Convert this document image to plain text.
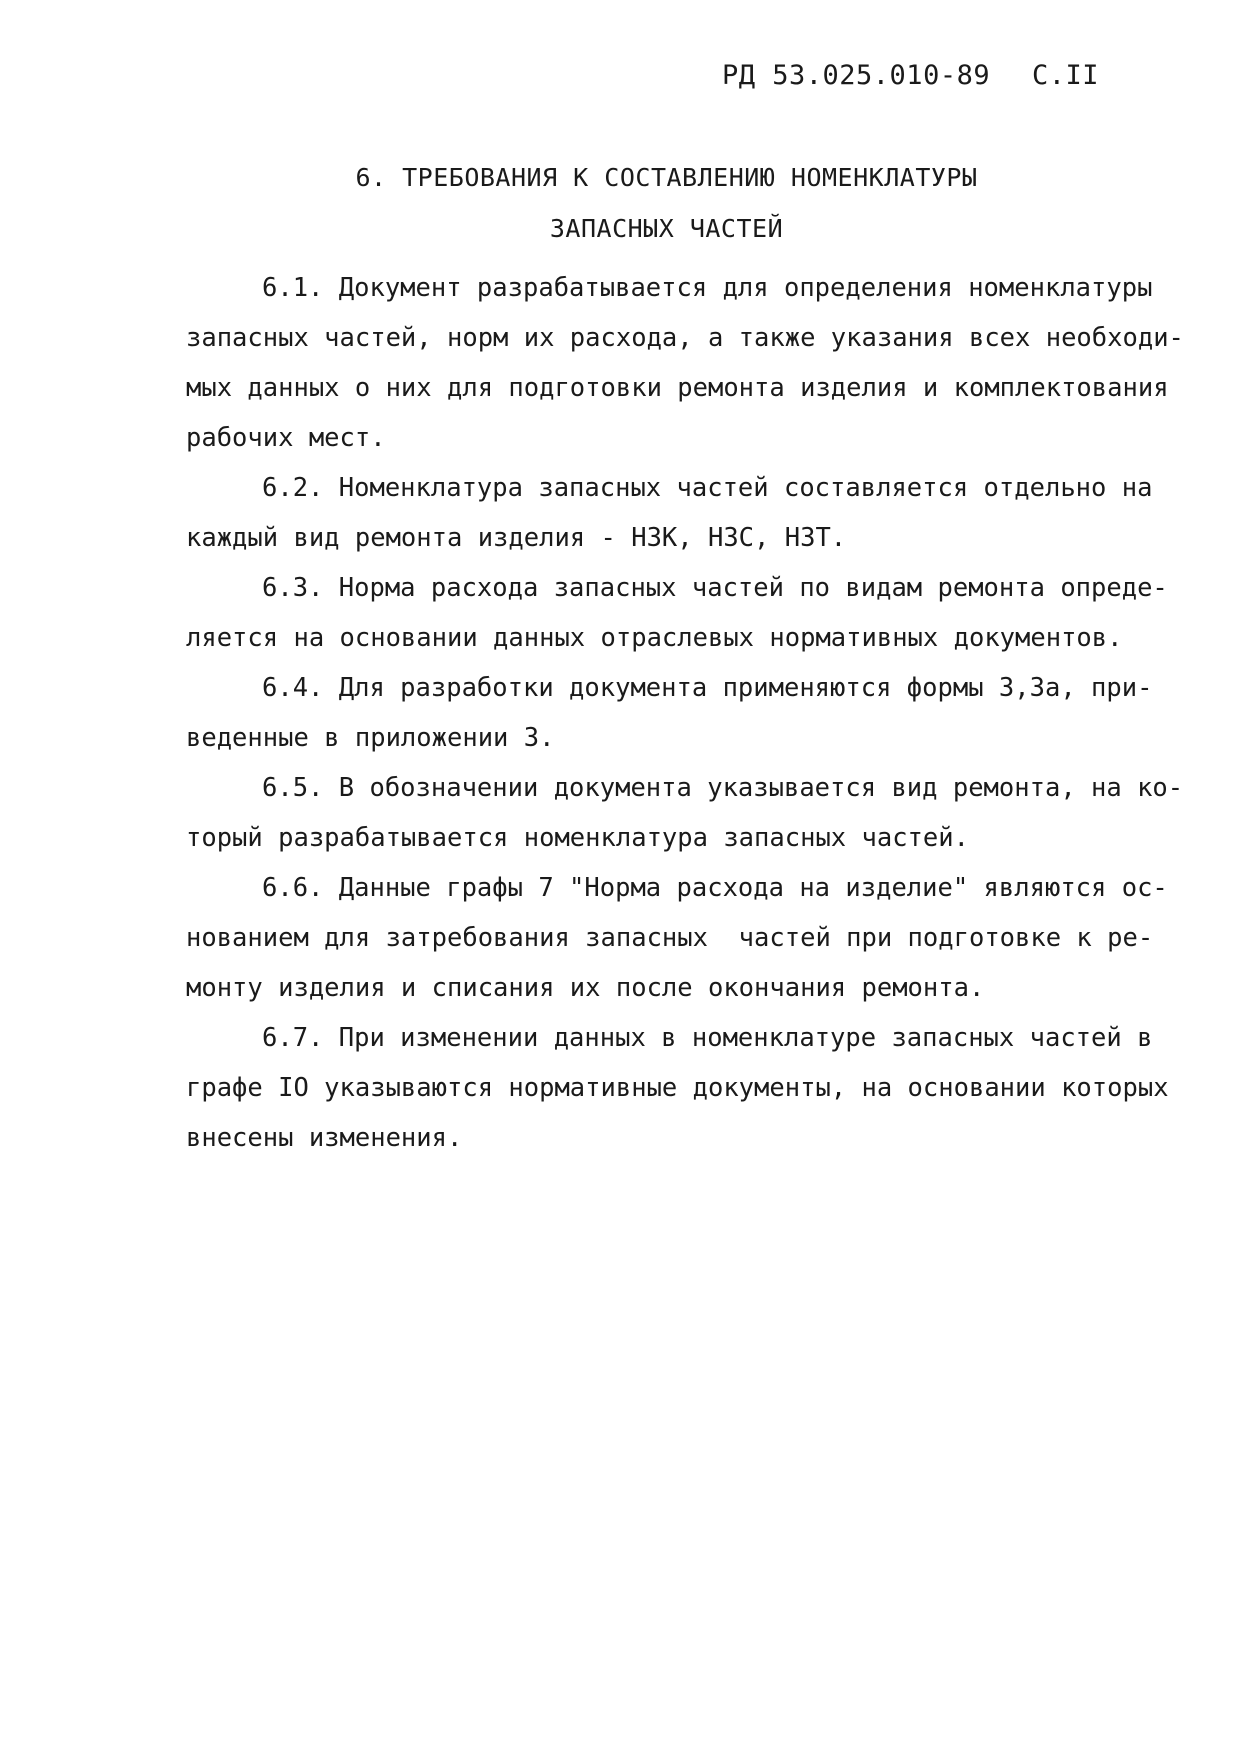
РД 53.025.010-89 С.II
6. ТРЕБОВАНИЯ К СОСТАВЛЕНИЮ НОМЕНКЛАТУРЫ
ЗАПАСНЫХ ЧАСТЕЙ
6.1. Документ разрабатывается для определения номенклатуры
запасных частей, норм их расхода, а также указания всех необходи-
мых данных о них для подготовки ремонта изделия и комплектования
рабочих мест.
6.2. Номенклатура запасных частей составляется отдельно на
каждый вид ремонта изделия - НЗК, НЗС, НЗТ.
6.3. Норма расхода запасных частей по видам ремонта опреде-
ляется на основании данных отраслевых нормативных документов.
6.4. Для разработки документа применяются формы 3,3а, при-
веденные в приложении 3.
6.5. В обозначении документа указывается вид ремонта, на ко-
торый разрабатывается номенклатура запасных частей.
6.6. Данные графы 7 "Норма расхода на изделие" являются ос-
нованием для затребования запасных  частей при подготовке к ре-
монту изделия и списания их после окончания ремонта.
6.7. При изменении данных в номенклатуре запасных частей в
графе IO указываются нормативные документы, на основании которых
внесены изменения.
